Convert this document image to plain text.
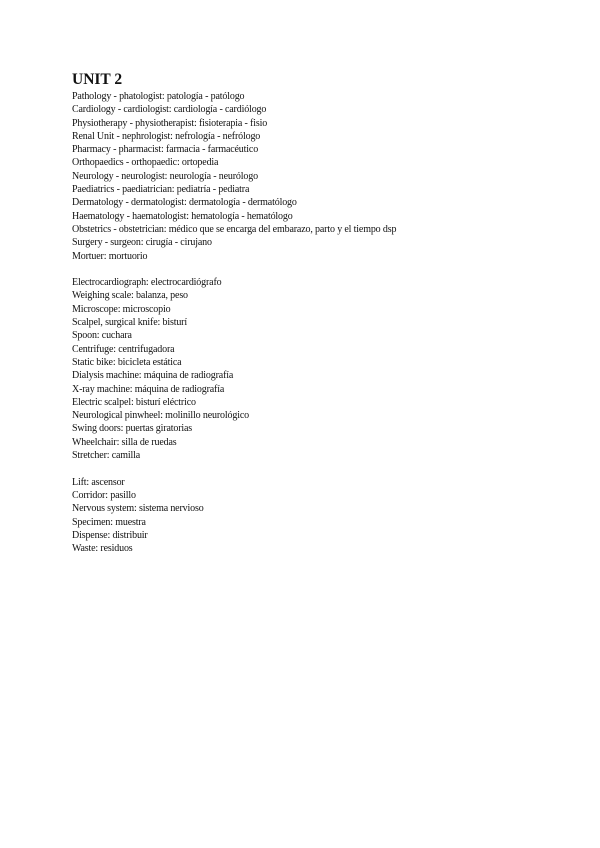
UNIT 2
Pathology - phatologist: patología - patólogo
Cardiology - cardiologist: cardiología - cardiólogo
Physiotherapy - physiotherapist: fisioterapia - fisio
Renal Unit - nephrologist: nefrología - nefrólogo
Pharmacy - pharmacist: farmacia - farmacéutico
Orthopaedics - orthopaedic: ortopedia
Neurology - neurologist: neurología - neurólogo
Paediatrics - paediatrician: pediatría - pediatra
Dermatology - dermatologist: dermatología - dermatólogo
Haematology - haematologist: hematología - hematólogo
Obstetrics - obstetrician: médico que se encarga del embarazo, parto y el tiempo dsp
Surgery - surgeon: cirugía - cirujano
Mortuer: mortuorio
Electrocardiograph: electrocardiógrafo
Weighing scale: balanza, peso
Microscope: microscopio
Scalpel, surgical knife: bisturí
Spoon: cuchara
Centrifuge: centrifugadora
Static bike: bicicleta estática
Dialysis machine: máquina de radiografía
X-ray machine: máquina de radiografía
Electric scalpel: bisturí eléctrico
Neurological pinwheel: molinillo neurológico
Swing doors: puertas giratorias
Wheelchair: silla de ruedas
Stretcher: camilla
Lift: ascensor
Corridor: pasillo
Nervous system: sistema nervioso
Specimen: muestra
Dispense: distribuir
Waste: residuos
